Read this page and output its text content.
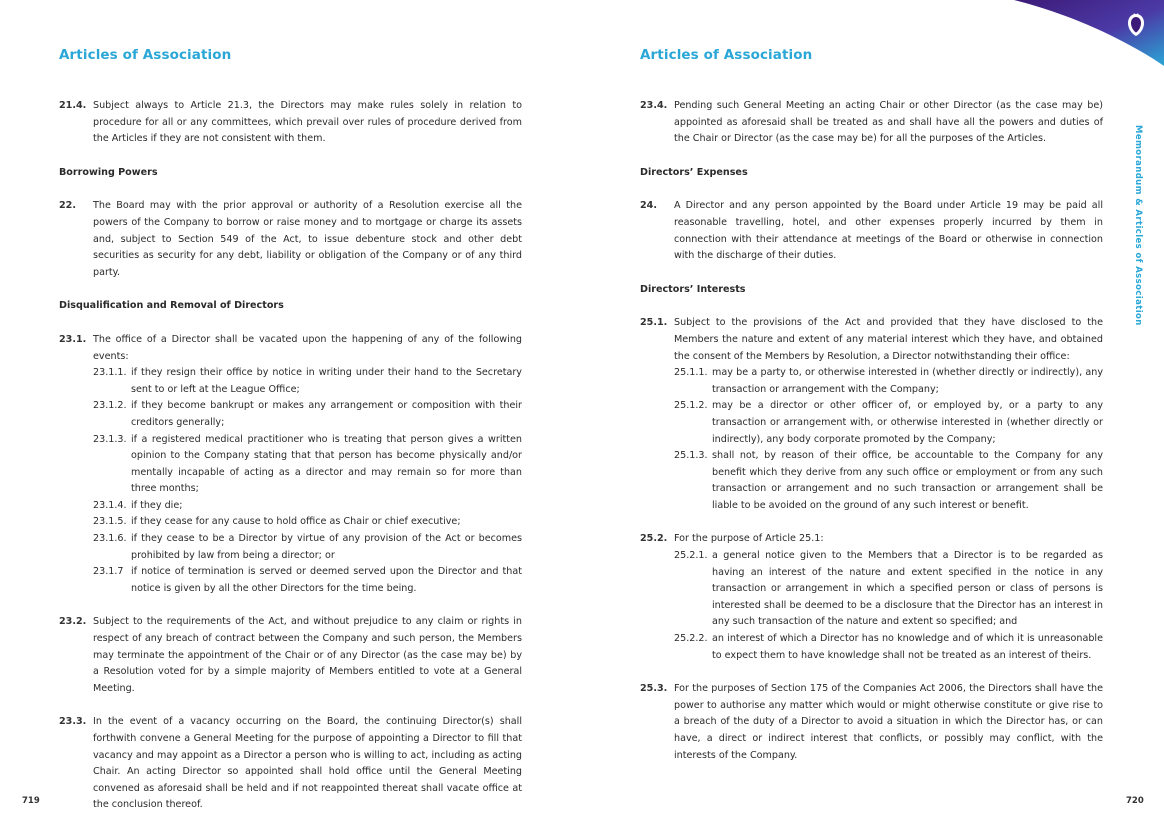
Memorandum & Articles of Association
Articles of Association
21.4. Subject always to Article 21.3, the Directors may make rules solely in relation to procedure for all or any committees, which prevail over rules of procedure derived from the Articles if they are not consistent with them.
Borrowing Powers
22.	The Board may with the prior approval or authority of a Resolution exercise all the powers of the Company to borrow or raise money and to mortgage or charge its assets and, subject to Section 549 of the Act, to issue debenture stock and other debt securities as security for any debt, liability or obligation of the Company or of any third party.
Disqualification and Removal of Directors
23.1. The office of a Director shall be vacated upon the happening of any of the following events:
23.1.1. if they resign their office by notice in writing under their hand to the Secretary sent to or left at the League Office;
23.1.2. if they become bankrupt or makes any arrangement or composition with their creditors generally;
23.1.3. if a registered medical practitioner who is treating that person gives a written opinion to the Company stating that that person has become physically and/or mentally incapable of acting as a director and may remain so for more than three months;
23.1.4. if they die;
23.1.5. if they cease for any cause to hold office as Chair or chief executive;
23.1.6. if they cease to be a Director by virtue of any provision of the Act or becomes prohibited by law from being a director; or
23.1.7 if notice of termination is served or deemed served upon the Director and that notice is given by all the other Directors for the time being.
23.2. Subject to the requirements of the Act, and without prejudice to any claim or rights in respect of any breach of contract between the Company and such person, the Members may terminate the appointment of the Chair or of any Director (as the case may be) by a Resolution voted for by a simple majority of Members entitled to vote at a General Meeting.
23.3. In the event of a vacancy occurring on the Board, the continuing Director(s) shall forthwith convene a General Meeting for the purpose of appointing a Director to fill that vacancy and may appoint as a Director a person who is willing to act, including as acting Chair. An acting Director so appointed shall hold office until the General Meeting convened as aforesaid shall be held and if not reappointed thereat shall vacate office at the conclusion thereof.
Articles of Association
23.4. Pending such General Meeting an acting Chair or other Director (as the case may be) appointed as aforesaid shall be treated as and shall have all the powers and duties of the Chair or Director (as the case may be) for all the purposes of the Articles.
Directors’ Expenses
24.	A Director and any person appointed by the Board under Article 19 may be paid all reasonable travelling, hotel, and other expenses properly incurred by them in connection with their attendance at meetings of the Board or otherwise in connection with the discharge of their duties.
Directors’ Interests
25.1. Subject to the provisions of the Act and provided that they have disclosed to the Members the nature and extent of any material interest which they have, and obtained the consent of the Members by Resolution, a Director notwithstanding their office:
25.1.1. may be a party to, or otherwise interested in (whether directly or indirectly), any transaction or arrangement with the Company;
25.1.2. may be a director or other officer of, or employed by, or a party to any transaction or arrangement with, or otherwise interested in (whether directly or indirectly), any body corporate promoted by the Company;
25.1.3. shall not, by reason of their office, be accountable to the Company for any benefit which they derive from any such office or employment or from any such transaction or arrangement and no such transaction or arrangement shall be liable to be avoided on the ground of any such interest or benefit.
25.2. For the purpose of Article 25.1:
25.2.1. a general notice given to the Members that a Director is to be regarded as having an interest of the nature and extent specified in the notice in any transaction or arrangement in which a specified person or class of persons is interested shall be deemed to be a disclosure that the Director has an interest in any such transaction of the nature and extent so specified; and
25.2.2. an interest of which a Director has no knowledge and of which it is unreasonable to expect them to have knowledge shall not be treated as an interest of theirs.
25.3. For the purposes of Section 175 of the Companies Act 2006, the Directors shall have the power to authorise any matter which would or might otherwise constitute or give rise to a breach of the duty of a Director to avoid a situation in which the Director has, or can have, a direct or indirect interest that conflicts, or possibly may conflict, with the interests of the Company.
719	720
